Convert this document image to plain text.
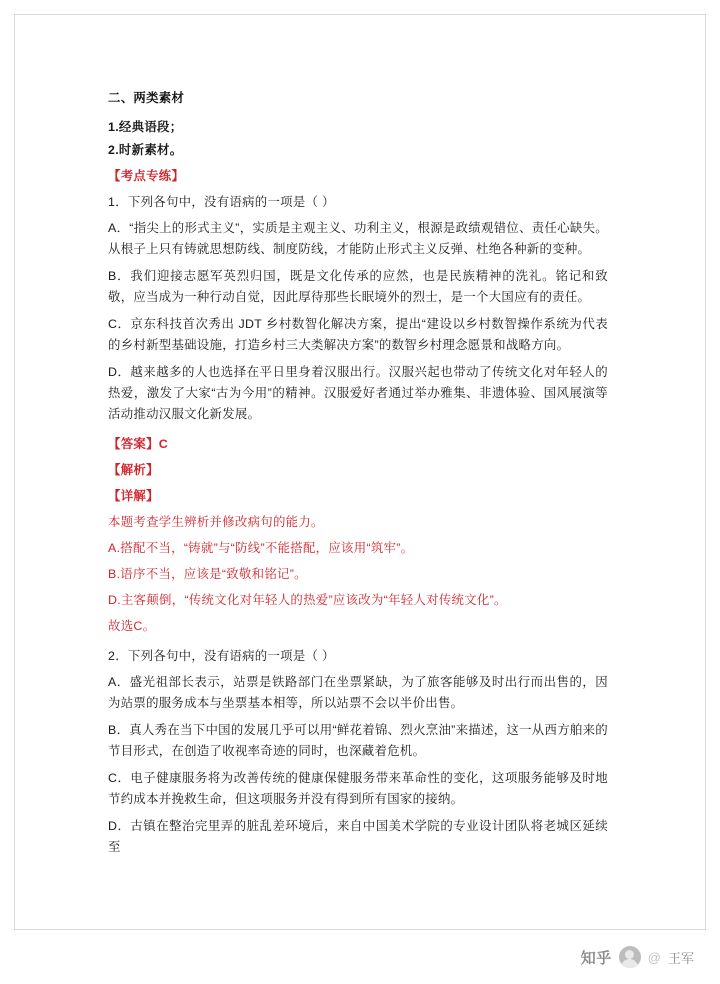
二、两类素材

1.经典语段；

2.时新素材。

【考点专练】

1．下列各句中，没有语病的一项是（ ）

A．“指尖上的形式主义”，实质是主观主义、功利主义，根源是政绩观错位、责任心缺失。从根子上只有铸就思想防线、制度防线，才能防止形式主义反弹、杜绝各种新的变种。

B．我们迎接志愿军英烈归国，既是文化传承的应然，也是民族精神的洗礼。铭记和致敬，应当成为一种行动自觉，因此厚待那些长眠境外的烈士，是一个大国应有的责任。

C．京东科技首次秀出 JDT 乡村数智化解决方案，提出“建设以乡村数智操作系统为代表的乡村新型基础设施，打造乡村三大类解决方案”的数智乡村理念愿景和战略方向。

D．越来越多的人也选择在平日里身着汉服出行。汉服兴起也带动了传统文化对年轻人的热爱，激发了大家“古为今用”的精神。汉服爱好者通过举办雅集、非遗体验、国风展演等活动推动汉服文化新发展。

【答案】C

【解析】

【详解】

本题考查学生辨析并修改病句的能力。

A.搭配不当，“铸就”与“防线”不能搭配，应该用“筑牢”。

B.语序不当，应该是“致敬和铭记”。

D.主客颠倒，“传统文化对年轻人的热爱”应该改为“年轻人对传统文化”。

故选C。

2．下列各句中，没有语病的一项是（ ）

A．盛光祖部长表示，站票是铁路部门在坐票紧缺，为了旅客能够及时出行而出售的，因为站票的服务成本与坐票基本相等，所以站票不会以半价出售。

B．真人秀在当下中国的发展几乎可以用“鲜花着锦、烈火烹油”来描述，这一从西方舶来的节目形式，在创造了收视率奇迹的同时，也深藏着危机。

C．电子健康服务将为改善传统的健康保健服务带来革命性的变化，这项服务能够及时地节约成本并挽救生命，但这项服务并没有得到所有国家的接纳。

D．古镇在整治完里弄的脏乱差环境后，来自中国美术学院的专业设计团队将老城区延续至

知乎	@ 王军
